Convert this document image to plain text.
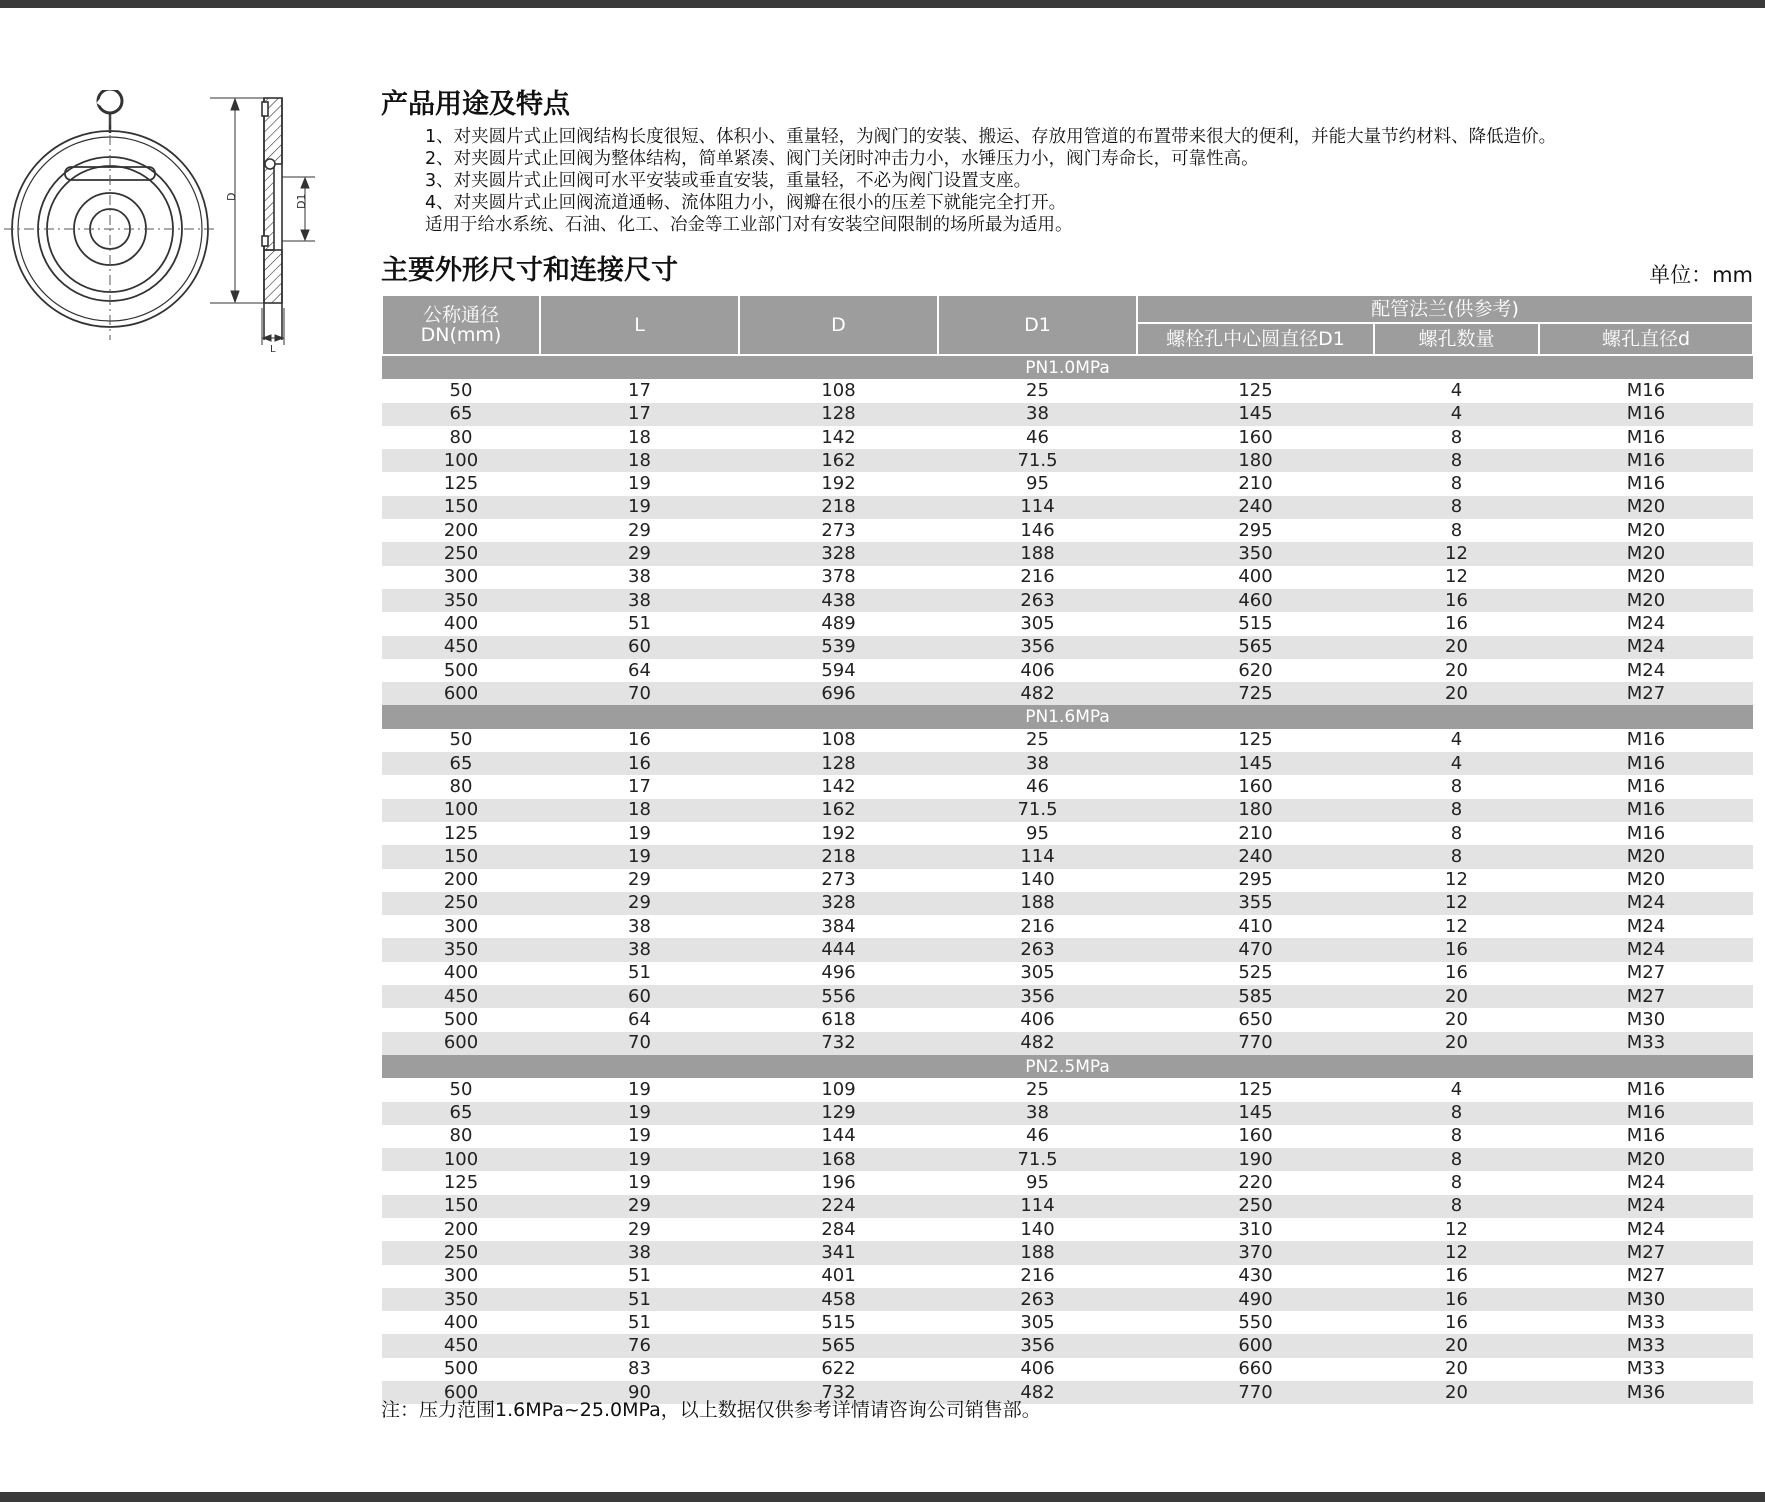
D	D1
L
产品用途及特点
1、对夹圆片式止回阀结构长度很短、体积小、重量轻，为阀门的安装、搬运、存放用管道的布置带来很大的便利，并能大量节约材料、降低造价。
2、对夹圆片式止回阀为整体结构，简单紧凑、阀门关闭时冲击力小，水锤压力小，阀门寿命长，可靠性高。
3、对夹圆片式止回阀可水平安装或垂直安装，重量轻，不必为阀门设置支座。
4、对夹圆片式止回阀流道通畅、流体阻力小，阀瓣在很小的压差下就能完全打开。
适用于给水系统、石油、化工、冶金等工业部门对有安装空间限制的场所最为适用。
主要外形尺寸和连接尺寸	单位：mm
公称通径DN(mm)	L	D	D1	配管法兰(供参考)		
				螺栓孔中心圆直径D1	螺孔数量	螺孔直径d
PN1.0MPa						
50	17	108	25	125	4	M16
65	17	128	38	145	4	M16
80	18	142	46	160	8	M16
100	18	162	71.5	180	8	M16
125	19	192	95	210	8	M16
150	19	218	114	240	8	M20
200	29	273	146	295	8	M20
250	29	328	188	350	12	M20
300	38	378	216	400	12	M20
350	38	438	263	460	16	M20
400	51	489	305	515	16	M24
450	60	539	356	565	20	M24
500	64	594	406	620	20	M24
600	70	696	482	725	20	M27
PN1.6MPa						
50	16	108	25	125	4	M16
65	16	128	38	145	4	M16
80	17	142	46	160	8	M16
100	18	162	71.5	180	8	M16
125	19	192	95	210	8	M16
150	19	218	114	240	8	M20
200	29	273	140	295	12	M20
250	29	328	188	355	12	M24
300	38	384	216	410	12	M24
350	38	444	263	470	16	M24
400	51	496	305	525	16	M27
450	60	556	356	585	20	M27
500	64	618	406	650	20	M30
600	70	732	482	770	20	M33
PN2.5MPa						
50	19	109	25	125	4	M16
65	19	129	38	145	8	M16
80	19	144	46	160	8	M16
100	19	168	71.5	190	8	M20
125	19	196	95	220	8	M24
150	29	224	114	250	8	M24
200	29	284	140	310	12	M24
250	38	341	188	370	12	M27
300	51	401	216	430	16	M27
350	51	458	263	490	16	M30
400	51	515	305	550	16	M33
450	76	565	356	600	20	M33
500	83	622	406	660	20	M33
600	90	732	482	770	20	M36

注：压力范围1.6MPa~25.0MPa，以上数据仅供参考详情请咨询公司销售部。
